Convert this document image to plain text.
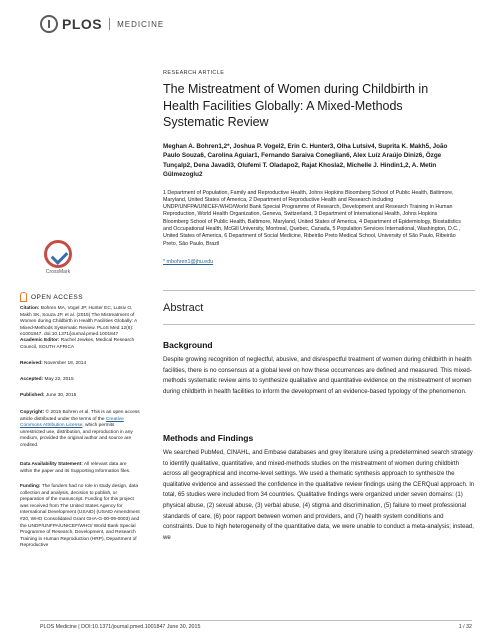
PLOS MEDICINE
CrossMark
OPEN ACCESS
Citation: Bohren MA, Vogel JP, Hunter EC, Lutsiv O, Makh SK, Souza JP, et al. (2015) The Mistreatment of Women during Childbirth in Health Facilities Globally: A Mixed-Methods Systematic Review. PLoS Med 12(6): e1001847. doi:10.1371/journal.pmed.1001847
Academic Editor: Rachel Jewkes, Medical Research Council, SOUTH AFRICA
Received: November 18, 2014
Accepted: May 22, 2015
Published: June 30, 2015
Copyright: © 2015 Bohren et al. This is an open access article distributed under the terms of the Creative Commons Attribution License, which permits unrestricted use, distribution, and reproduction in any medium, provided the original author and source are credited.
Data Availability Statement: All relevant data are within the paper and its Supporting Information files.
Funding: The funders had no role in study design, data collection and analysis, decision to publish, or preparation of the manuscript. Funding for this project was received from The United States Agency for International Development (USAID) (USAID Amendment #20, WHO Consolidated Grant GHA-G-00-09-0003) and the UNDP/UNFPA/UNICEF/WHO/ World Bank Special Programme of Research, Development, and Research Training in Human Reproduction (HRP), Department of Reproductive
RESEARCH ARTICLE
The Mistreatment of Women during Childbirth in Health Facilities Globally: A Mixed-Methods Systematic Review
Meghan A. Bohren1,2*, Joshua P. Vogel2, Erin C. Hunter3, Olha Lutsiv4, Suprita K. Makh5, João Paulo Souza6, Carolina Aguiar1, Fernando Saraiva Coneglian6, Alex Luíz Araújo Diniz6, Özge Tunçalp2, Dena Javadi3, Olufemi T. Oladapo2, Rajat Khosla2, Michelle J. Hindin1,2, A. Metin Gülmezoglu2
1 Department of Population, Family and Reproductive Health, Johns Hopkins Bloomberg School of Public Health, Baltimore, Maryland, United States of America, 2 Department of Reproductive Health and Research including UNDP/UNFPA/UNICEF/WHO/World Bank Special Programme of Research, Development and Research Training in Human Reproduction, World Health Organization, Geneva, Switzerland, 3 Department of International Health, Johns Hopkins Bloomberg School of Public Health, Baltimore, Maryland, United States of America, 4 Department of Epidemiology, Biostatistics and Occupational Health, McGill University, Montreal, Quebec, Canada, 5 Population Services International, Washington, D.C., United States of America, 6 Department of Social Medicine, Ribeirão Preto Medical School, University of São Paulo, Ribeirão Preto, São Paulo, Brazil
* mbohren1@jhu.edu
Abstract
Background
Despite growing recognition of neglectful, abusive, and disrespectful treatment of women during childbirth in health facilities, there is no consensus at a global level on how these occurrences are defined and measured. This mixed-methods systematic review aims to synthesize qualitative and quantitative evidence on the mistreatment of women during childbirth in health facilities to inform the development of an evidence-based typology of the phenomenon.
Methods and Findings
We searched PubMed, CINAHL, and Embase databases and grey literature using a predetermined search strategy to identify qualitative, quantitative, and mixed-methods studies on the mistreatment of women during childbirth across all geographical and income-level settings. We used a thematic synthesis approach to synthesize the qualitative evidence and assessed the confidence in the qualitative review findings using the CERQual approach. In total, 65 studies were included from 34 countries. Qualitative findings were organized under seven domains: (1) physical abuse, (2) sexual abuse, (3) verbal abuse, (4) stigma and discrimination, (5) failure to meet professional standards of care, (6) poor rapport between women and providers, and (7) health system conditions and constraints. Due to high heterogeneity of the quantitative data, we were unable to conduct a meta-analysis; instead, we
PLOS Medicine | DOI:10.1371/journal.pmed.1001847 June 30, 2015	1 / 32
